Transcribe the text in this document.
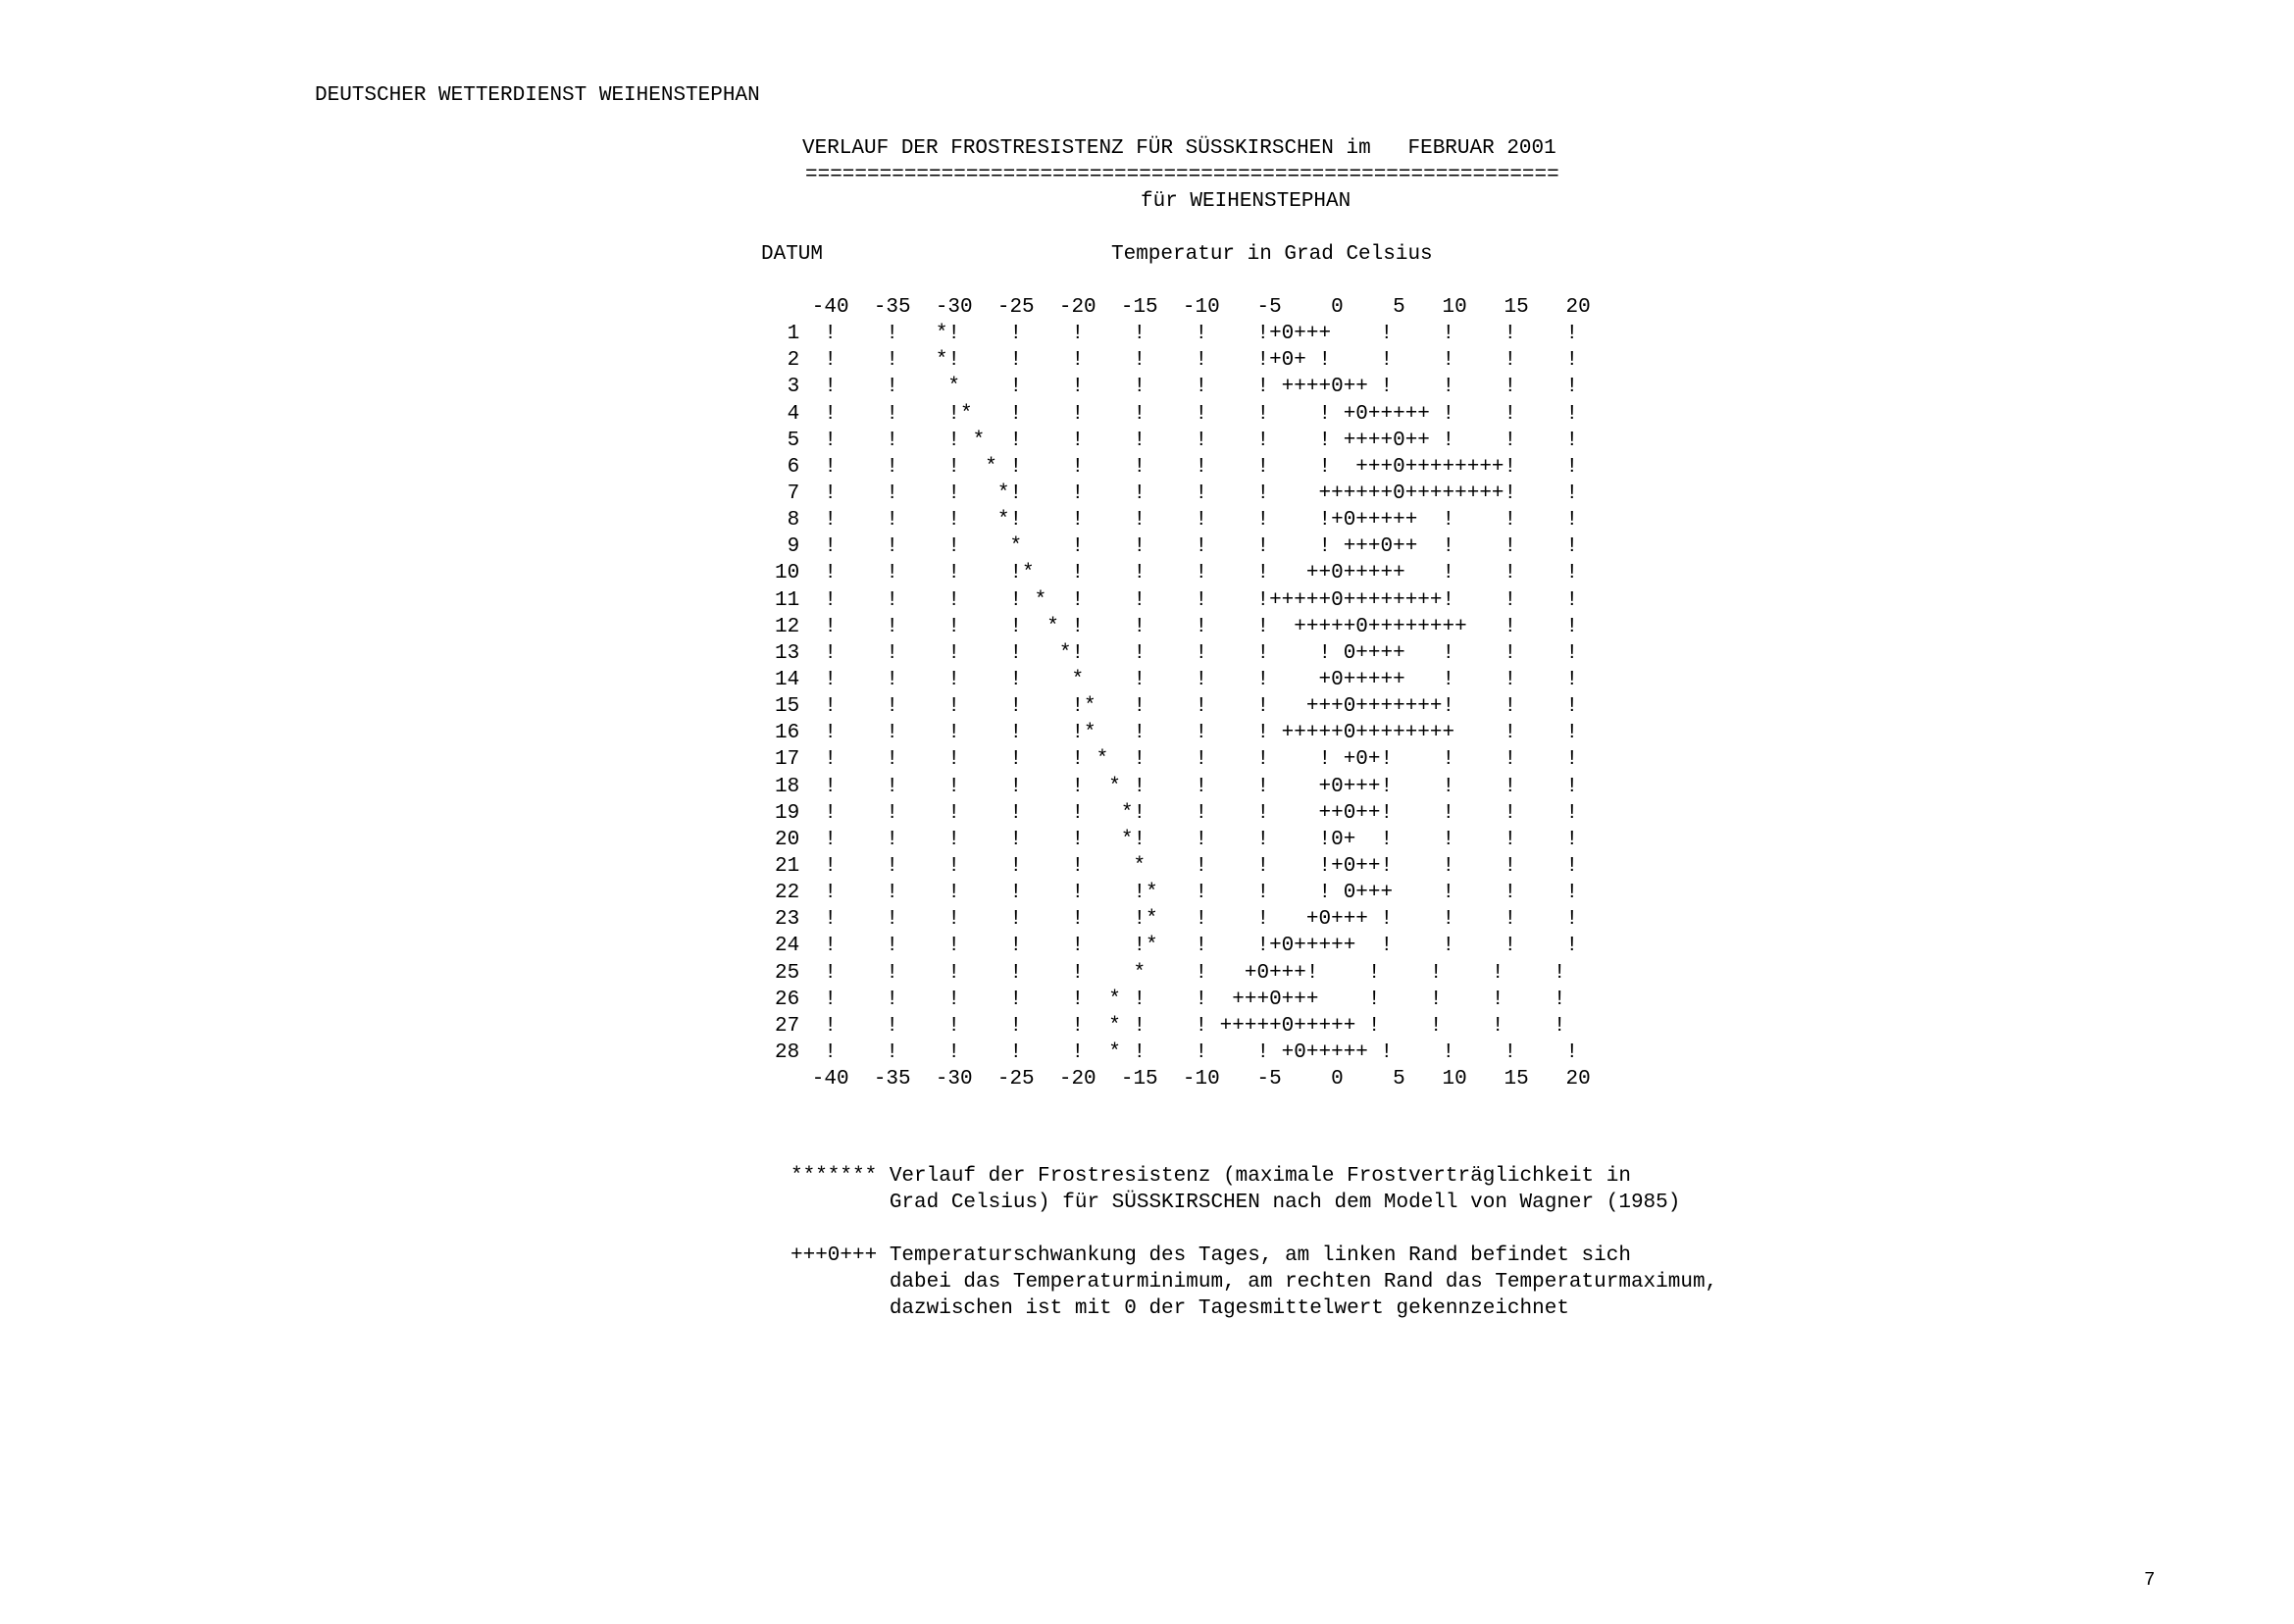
DEUTSCHER WETTERDIENST WEIHENSTEPHAN
VERLAUF DER FROSTRESISTENZ FÜR SÜSSKIRSCHEN im   FEBRUAR 2001
=============================================================
für WEIHENSTEPHAN
DATUM	Temperatur in Grad Celsius
-40  -35  -30  -25  -20  -15  -10   -5    0    5   10   15   20
1  !    !   *!    !    !    !    !    !+0+++    !    !    !    !
2  !    !   *!    !    !    !    !    !+0+ !    !    !    !    !
3  !    !    *    !    !    !    !    ! ++++0++ !    !    !    !
4  !    !    !*   !    !    !    !    !    ! +0+++++ !    !    !
5  !    !    ! *  !    !    !    !    !    ! ++++0++ !    !    !
6  !    !    !  * !    !    !    !    !    !  +++0++++++++!    !
7  !    !    !   *!    !    !    !    !    ++++++0++++++++!    !
8  !    !    !   *!    !    !    !    !    !+0+++++  !    !    !
9  !    !    !    *    !    !    !    !    ! +++0++  !    !    !
10  !    !    !    !*   !    !    !    !   ++0+++++   !    !    !
11  !    !    !    ! *  !    !    !    !+++++0++++++++!    !    !
12  !    !    !    !  * !    !    !    !  +++++0++++++++   !    !
13  !    !    !    !   *!    !    !    !    ! 0++++   !    !    !
14  !    !    !    !    *    !    !    !    +0+++++   !    !    !
15  !    !    !    !    !*   !    !    !   +++0+++++++!    !    !
16  !    !    !    !    !*   !    !    ! +++++0++++++++    !    !
17  !    !    !    !    ! *  !    !    !    ! +0+!    !    !    !
18  !    !    !    !    !  * !    !    !    +0+++!    !    !    !
19  !    !    !    !    !   *!    !    !    ++0++!    !    !    !
20  !    !    !    !    !   *!    !    !    !0+  !    !    !    !
21  !    !    !    !    !    *    !    !    !+0++!    !    !    !
22  !    !    !    !    !    !*   !    !    ! 0+++    !    !    !
23  !    !    !    !    !    !*   !    !   +0+++ !    !    !    !
24  !    !    !    !    !    !*   !    !+0+++++  !    !    !    !
25  !    !    !    !    !    *    !   +0+++!    !    !    !    !
26  !    !    !    !    !  * !    !  +++0+++    !    !    !    !
27  !    !    !    !    !  * !    ! +++++0+++++ !    !    !    !
28  !    !    !    !    !  * !    !    ! +0+++++ !    !    !    !
-40  -35  -30  -25  -20  -15  -10   -5    0    5   10   15   20
******* Verlauf der Frostresistenz (maximale Frostverträglichkeit in
Grad Celsius) für SÜSSKIRSCHEN nach dem Modell von Wagner (1985)
+++0+++ Temperaturschwankung des Tages, am linken Rand befindet sich
dabei das Temperaturminimum, am rechten Rand das Temperaturmaximum,
dazwischen ist mit 0 der Tagesmittelwert gekennzeichnet
7
